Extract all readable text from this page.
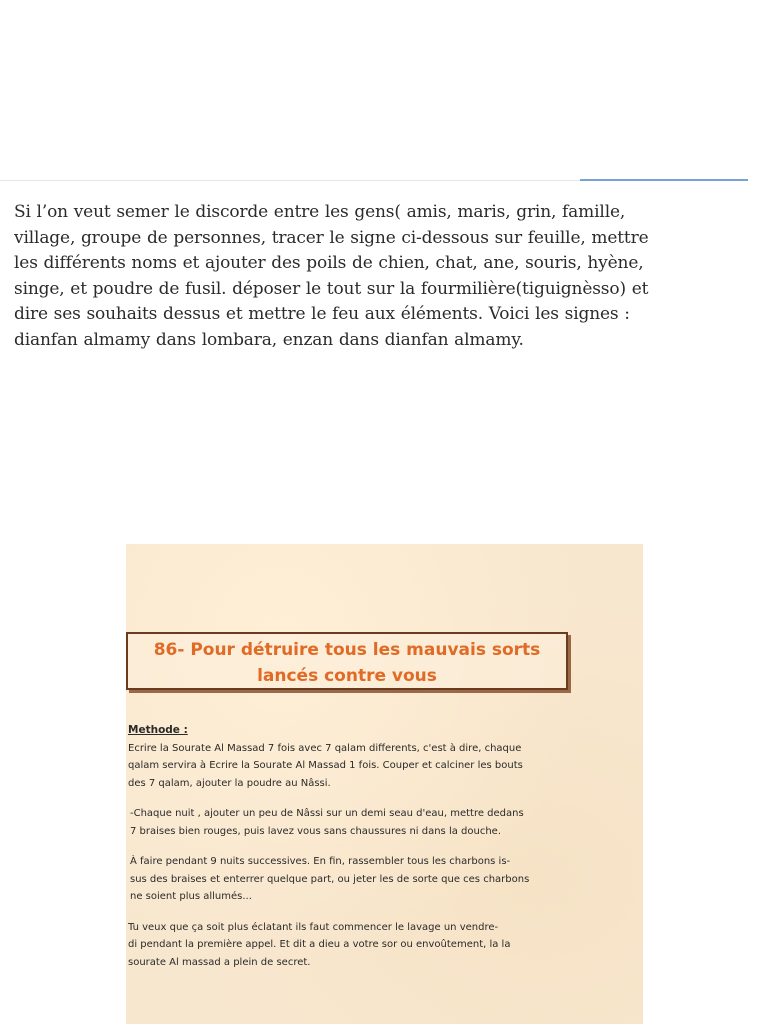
Si l’on veut semer le discorde entre les gens( amis, maris, grin, famille,
village, groupe de personnes, tracer le signe ci-dessous sur feuille, mettre
les différents noms et ajouter des poils de chien, chat, ane, souris, hyène,
singe, et poudre de fusil. déposer le tout sur la fourmilière(tiguignèsso) et
dire ses souhaits dessus et mettre le feu aux éléments. Voici les signes :
dianfan almamy dans lombara, enzan dans dianfan almamy.
86- Pour détruire tous les mauvais sorts
lancés contre vous
Methode :
Ecrire la Sourate Al Massad 7 fois avec 7 qalam differents, c'est à dire, chaque
qalam servira à Ecrire la Sourate Al Massad 1 fois. Couper et calciner les bouts
des 7 qalam, ajouter la poudre au Nâssi.
-Chaque nuit , ajouter un peu de Nâssi sur un demi seau d'eau, mettre dedans
7 braises bien rouges, puis lavez vous sans chaussures ni dans la douche.
À faire pendant 9 nuits successives. En fin, rassembler tous les charbons is-
sus des braises et enterrer quelque part, ou jeter les de sorte que ces charbons
ne soient plus allumés...
Tu veux que ça soit plus éclatant ils faut commencer le lavage un vendre-
di pendant la première appel. Et dit a dieu a votre sor ou envoûtement, la la
sourate Al massad a plein de secret.
